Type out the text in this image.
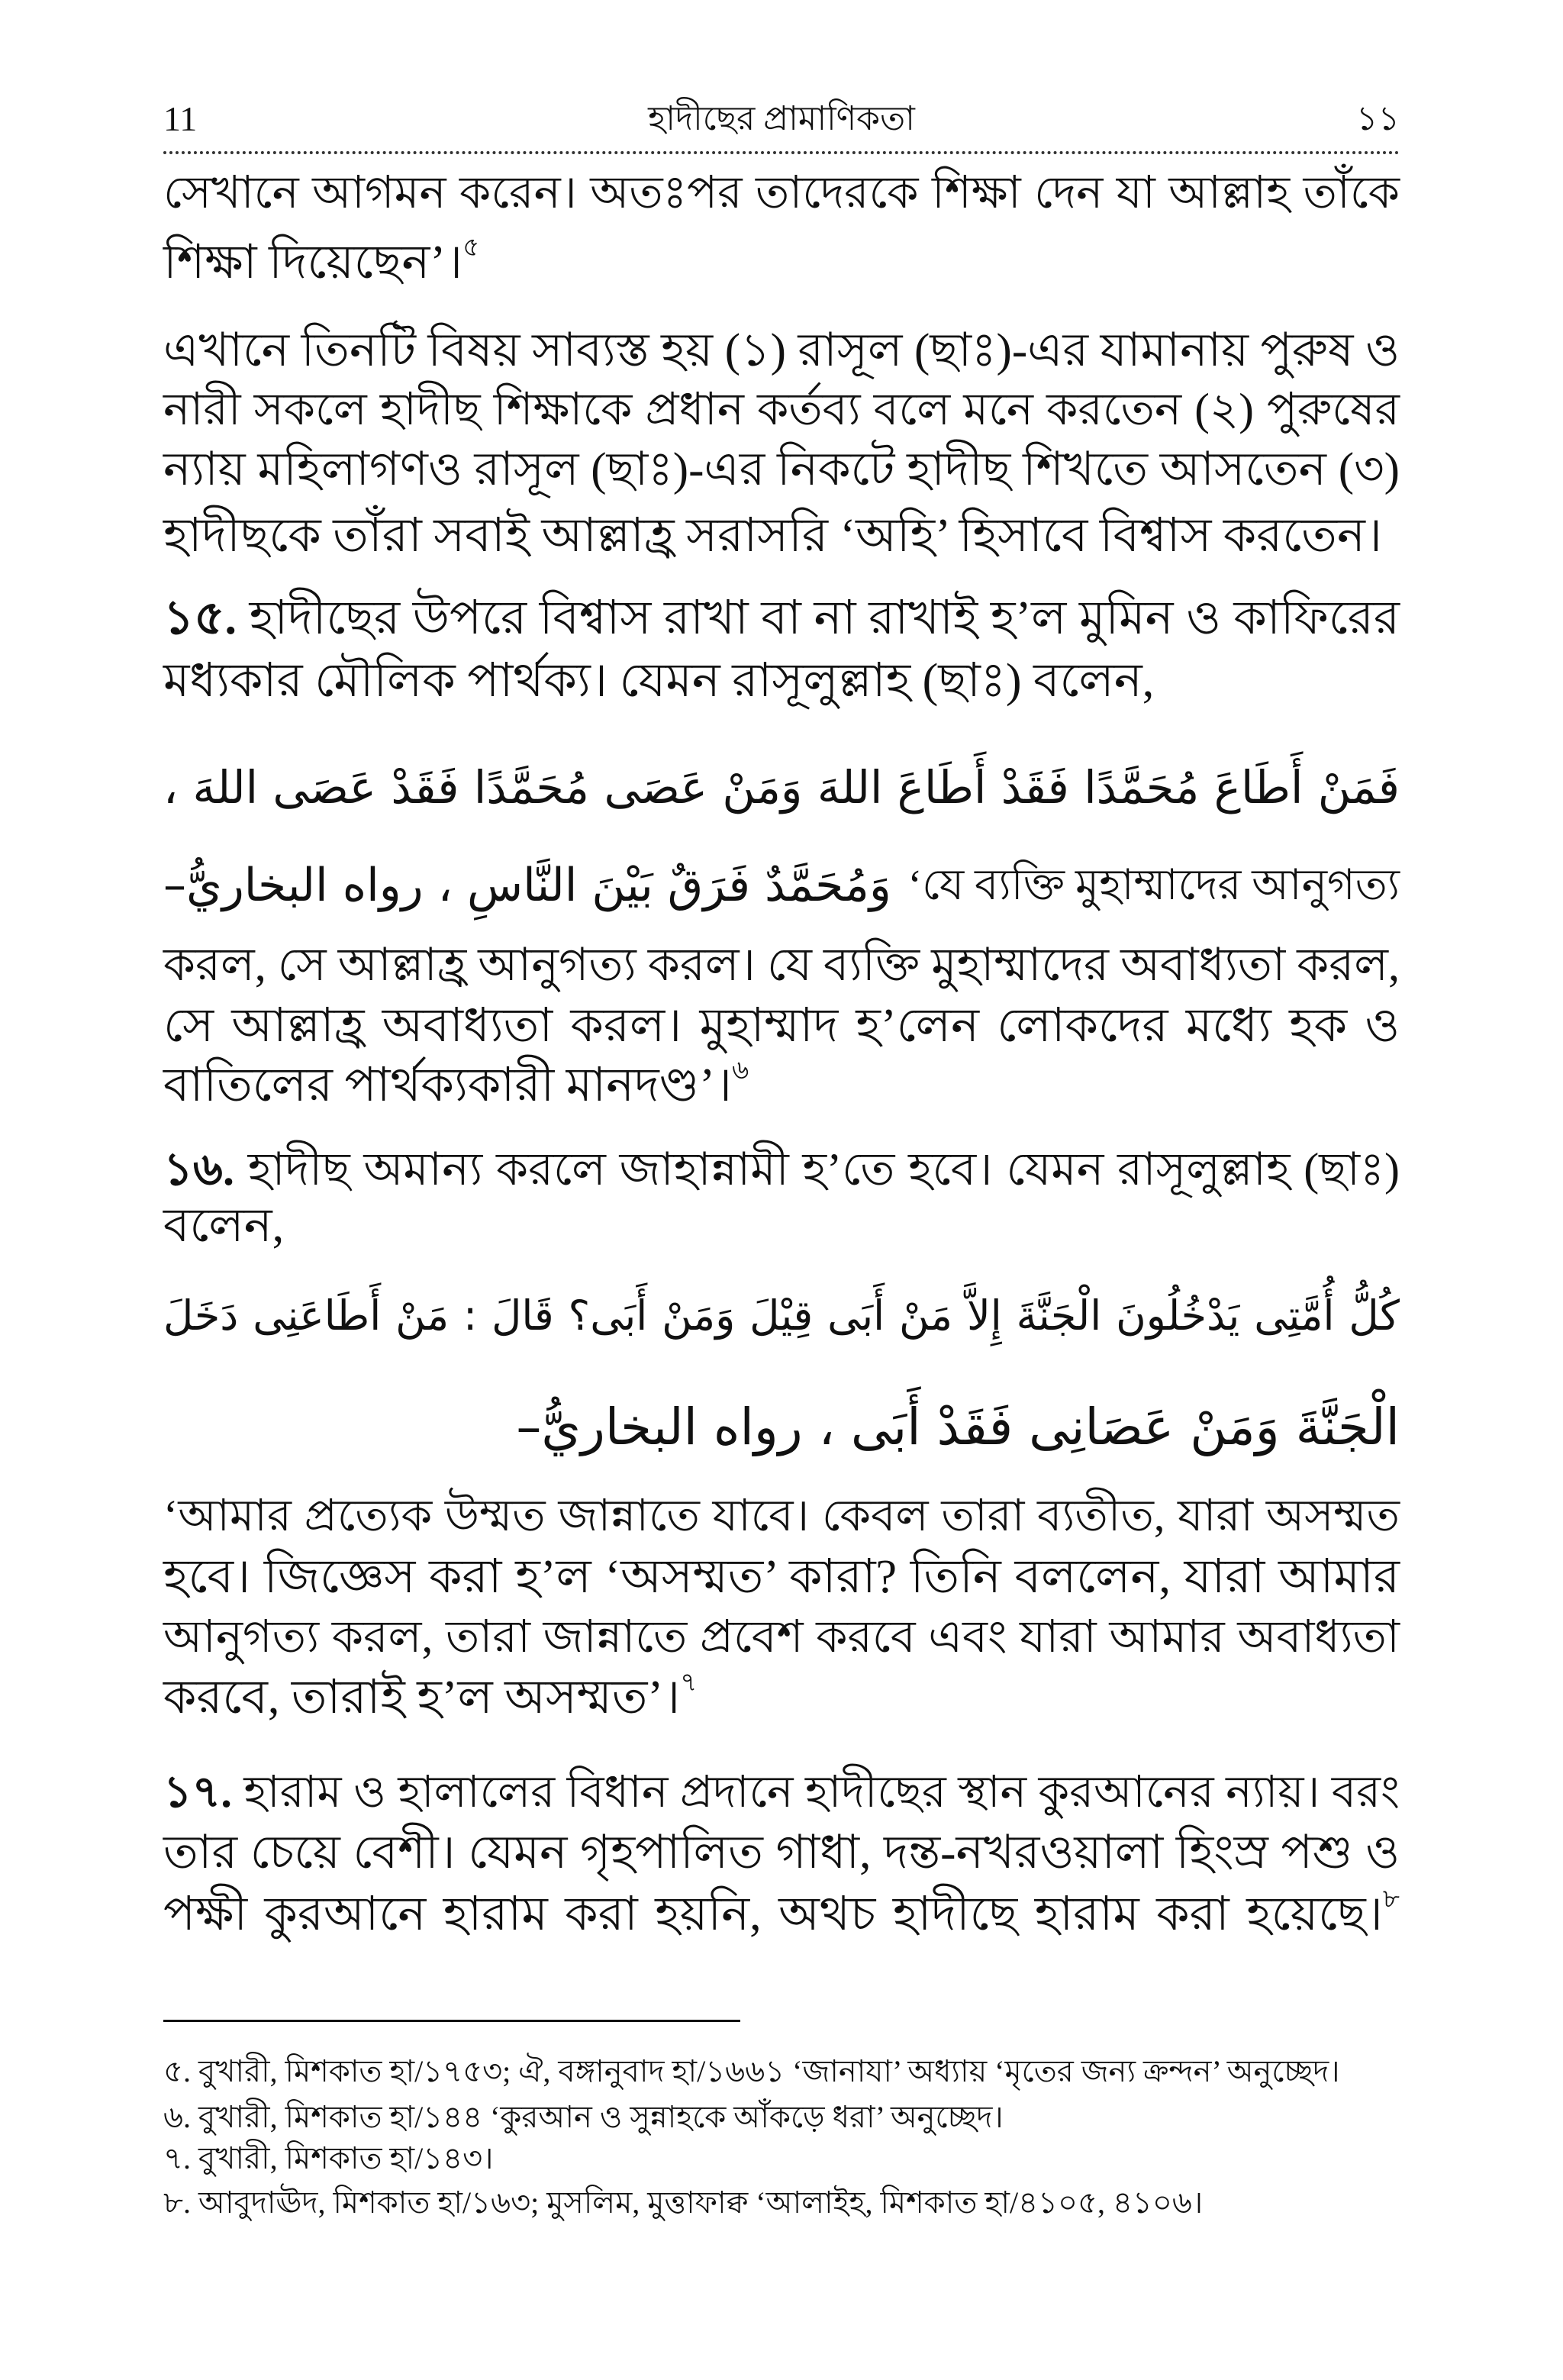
11	হাদীছের প্রামাণিকতা	১১
সেখানে আগমন করেন। অতঃপর তাদেরকে শিক্ষা দেন যা আল্লাহ তাঁকে
শিক্ষা দিয়েছেন’।$^৫$
এখানে তিনটি বিষয় সাব্যস্ত হয় (১) রাসূল (ছাঃ)-এর যামানায় পুরুষ ও
নারী সকলে হাদীছ শিক্ষাকে প্রধান কর্তব্য বলে মনে করতেন (২) পুরুষের
ন্যায় মহিলাগণও রাসূল (ছাঃ)-এর নিকটে হাদীছ শিখতে আসতেন (৩)
হাদীছকে তাঁরা সবাই আল্লাহ্র সরাসরি ‘অহি’ হিসাবে বিশ্বাস করতেন।
১৫. হাদীছের উপরে বিশ্বাস রাখা বা না রাখাই হ’ল মুমিন ও কাফিরের
মধ্যকার মৌলিক পার্থক্য। যেমন রাসূলুল্লাহ (ছাঃ) বলেন,
فَمَنْ أَطَاعَ مُحَمَّدًا فَقَدْ أَطَاعَ اللهَ وَمَنْ عَصَى مُحَمَّدًا فَقَدْ عَصَى اللهَ ،
وَمُحَمَّدٌ فَرَقٌ بَيْنَ النَّاسِ ، رواه البخاريُّ– ‘যে ব্যক্তি মুহাম্মাদের আনুগত্য
করল, সে আল্লাহ্র আনুগত্য করল। যে ব্যক্তি মুহাম্মাদের অবাধ্যতা করল,
সে আল্লাহ্র অবাধ্যতা করল। মুহাম্মাদ হ’লেন লোকদের মধ্যে হক ও
বাতিলের পার্থক্যকারী মানদণ্ড’।$^৬$
১৬. হাদীছ অমান্য করলে জাহান্নামী হ’তে হবে। যেমন রাসূলুল্লাহ (ছাঃ)
বলেন,
كُلُّ أُمَّتِى يَدْخُلُونَ الْجَنَّةَ إِلاَّ مَنْ أَبَى قِيْلَ وَمَنْ أَبَى؟ قَالَ : مَنْ أَطَاعَنِى دَخَلَ
الْجَنَّةَ وَمَنْ عَصَانِى فَقَدْ أَبَى ، رواه البخاريُّ–
‘আমার প্রত্যেক উম্মত জান্নাতে যাবে। কেবল তারা ব্যতীত, যারা অসম্মত
হবে। জিজ্ঞেস করা হ’ল ‘অসম্মত’ কারা? তিনি বললেন, যারা আমার
আনুগত্য করল, তারা জান্নাতে প্রবেশ করবে এবং যারা আমার অবাধ্যতা
করবে, তারাই হ’ল অসম্মত’।$^৭$
১৭. হারাম ও হালালের বিধান প্রদানে হাদীছের স্থান কুরআনের ন্যায়। বরং
তার চেয়ে বেশী। যেমন গৃহপালিত গাধা, দন্ত-নখরওয়ালা হিংস্র পশু ও
পক্ষী কুরআনে হারাম করা হয়নি, অথচ হাদীছে হারাম করা হয়েছে।$^৮$
৫. বুখারী, মিশকাত হা/১৭৫৩; ঐ, বঙ্গানুবাদ হা/১৬৬১ ‘জানাযা’ অধ্যায় ‘মৃতের জন্য ক্রন্দন’ অনুচ্ছেদ।
৬. বুখারী, মিশকাত হা/১৪৪ ‘কুরআন ও সুন্নাহকে আঁকড়ে ধরা’ অনুচ্ছেদ।
৭. বুখারী, মিশকাত হা/১৪৩।
৮. আবুদাঊদ, মিশকাত হা/১৬৩; মুসলিম, মুত্তাফাক্ব ‘আলাইহ, মিশকাত হা/৪১০৫, ৪১০৬।
